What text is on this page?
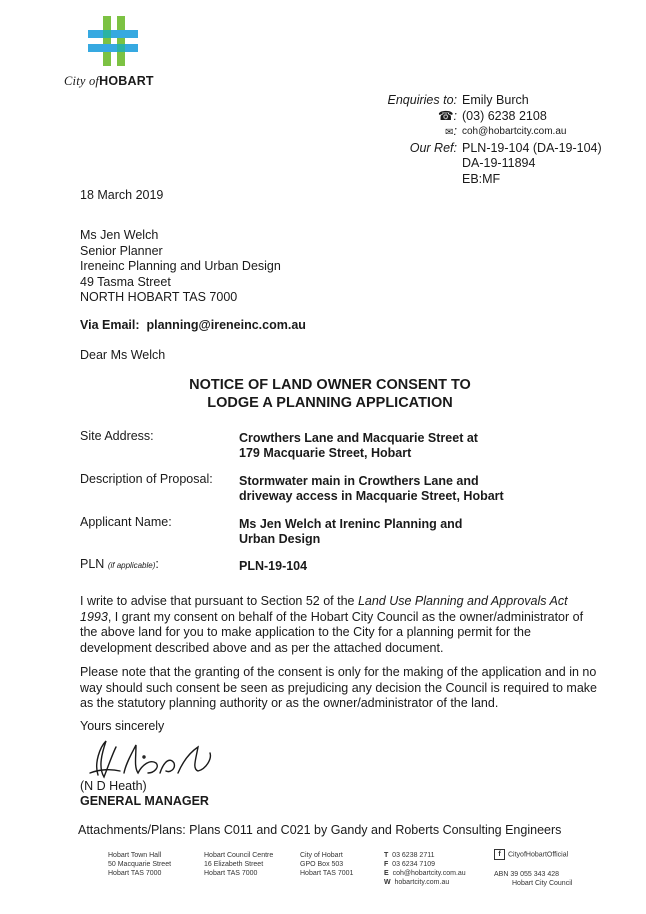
City ofHOBART
Enquiries to: Emily Burch
☎: (03) 6238 2108
✉: coh@hobartcity.com.au
Our Ref: PLN-19-104 (DA-19-104)
DA-19-11894
EB:MF
18 March 2019
Ms Jen Welch
Senior Planner
Ireneinc Planning and Urban Design
49 Tasma Street
NORTH HOBART TAS 7000
Via Email: planning@ireneinc.com.au
Dear Ms Welch
NOTICE OF LAND OWNER CONSENT TO
LODGE A PLANNING APPLICATION
Site Address:	Crowthers Lane and Macquarie Street at
179 Macquarie Street, Hobart
Description of Proposal: Stormwater main in Crowthers Lane and
driveway access in Macquarie Street, Hobart
Applicant Name:	Ms Jen Welch at Ireninc Planning and
Urban Design
PLN (if applicable):	PLN-19-104
I write to advise that pursuant to Section 52 of the Land Use Planning and Approvals Act 1993, I grant my consent on behalf of the Hobart City Council as the owner/administrator of the above land for you to make application to the City for a planning permit for the development described above and as per the attached document.
Please note that the granting of the consent is only for the making of the application and in no way should such consent be seen as prejudicing any decision the Council is required to make as the statutory planning authority or as the owner/administrator of the land.
Yours sincerely
(N D Heath)
GENERAL MANAGER
Attachments/Plans: Plans C011 and C021 by Gandy and Roberts Consulting Engineers
Hobart Town Hall
50 Macquarie Street
Hobart TAS 7000
Hobart Council Centre
16 Elizabeth Street
Hobart TAS 7000
City of Hobart
GPO Box 503
Hobart TAS 7001
T 03 6238 2711
F 03 6234 7109
E coh@hobartcity.com.au
W hobartcity.com.au
f CityofHobartOfficial
ABN 39 055 343 428
Hobart City Council
